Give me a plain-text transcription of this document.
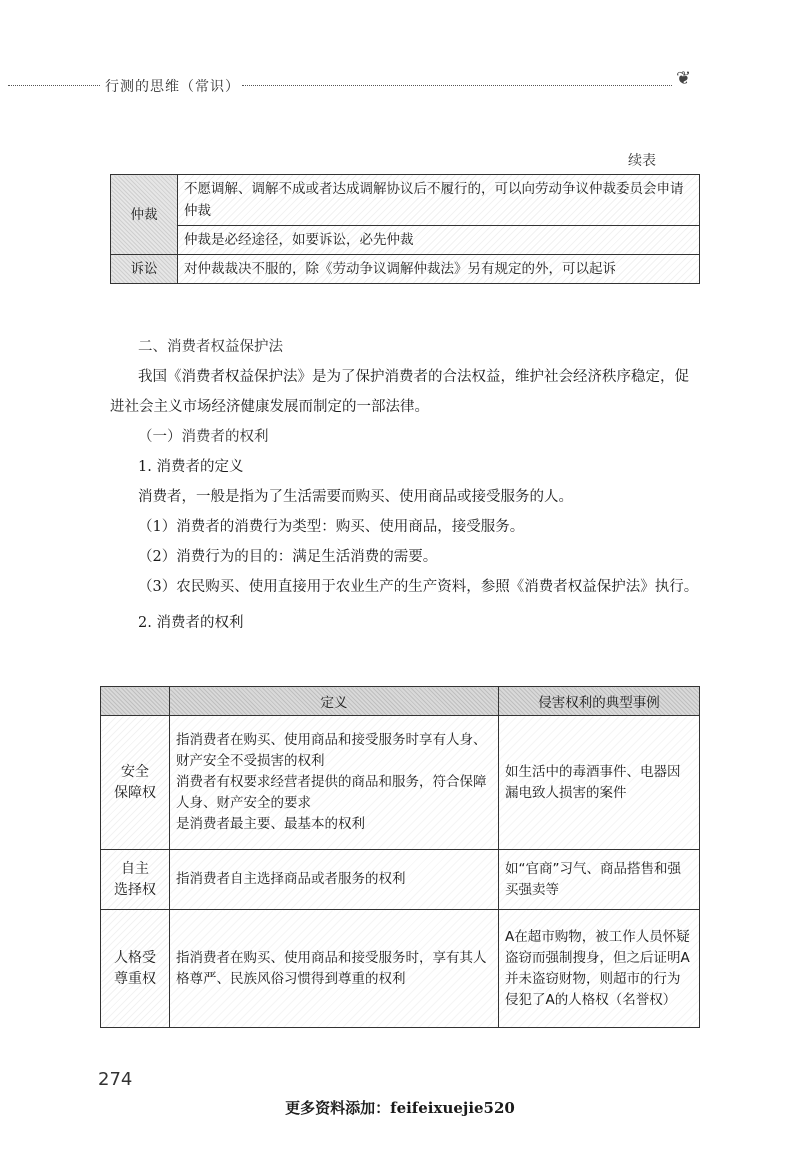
行测的思维（常识）	❦
续表
仲裁	不愿调解、调解不成或者达成调解协议后不履行的，可以向劳动争议仲裁委员会申请仲裁
	仲裁是必经途径，如要诉讼，必先仲裁
诉讼	对仲裁裁决不服的，除《劳动争议调解仲裁法》另有规定的外，可以起诉

二、消费者权益保护法

我国《消费者权益保护法》是为了保护消费者的合法权益，维护社会经济秩序稳定，促进社会主义市场经济健康发展而制定的一部法律。

（一）消费者的权利

1. 消费者的定义

消费者，一般是指为了生活需要而购买、使用商品或接受服务的人。

（1）消费者的消费行为类型：购买、使用商品，接受服务。

（2）消费行为的目的：满足生活消费的需要。

（3）农民购买、使用直接用于农业生产的生产资料，参照《消费者权益保护法》执行。

2. 消费者的权利

	定义	侵害权利的典型事例

安全
保障权	指消费者在购买、使用商品和接受服务时享有人身、财产安全不受损害的权利
消费者有权要求经营者提供的商品和服务，符合保障人身、财产安全的要求
是消费者最主要、最基本的权利	如生活中的毒酒事件、电器因漏电致人损害的案件

自主
选择权	指消费者自主选择商品或者服务的权利	如“官商”习气、商品搭售和强买强卖等

人格受
尊重权	指消费者在购买、使用商品和接受服务时，享有其人格尊严、民族风俗习惯得到尊重的权利	A在超市购物，被工作人员怀疑盗窃而强制搜身，但之后证明A并未盗窃财物，则超市的行为侵犯了A的人格权（名誉权）
274
更多资料添加：feifeixuejie520
